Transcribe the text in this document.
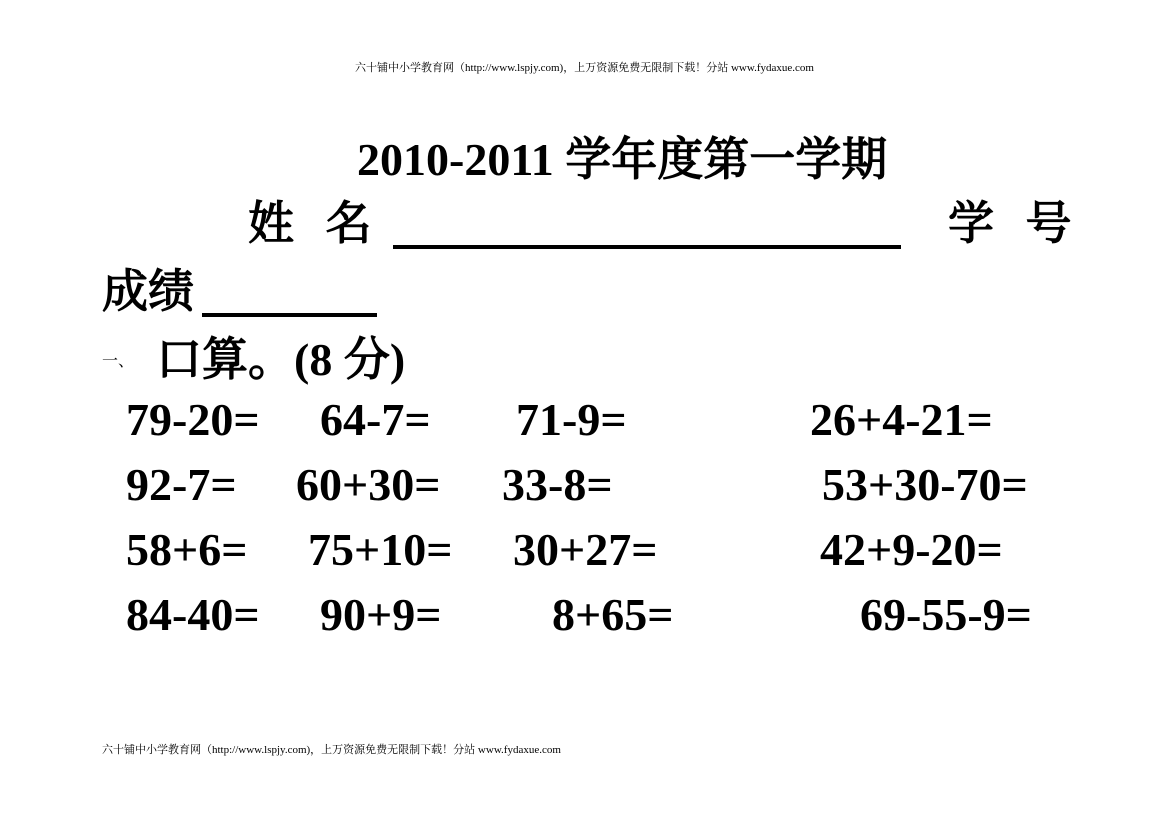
六十铺中小学教育网（http://www.lspjy.com)，上万资源免费无限制下载！分站 www.fydaxue.com
2010-2011 学年度第一学期
姓 名	学 号
成绩
一、 口算。(8 分)
79-20= 64-7= 71-9=	26+4-21=
92-7= 60+30= 33-8=	53+30-70=
58+6= 75+10= 30+27=	42+9-20=
84-40= 90+9= 8+65=	69-55-9=
六十铺中小学教育网（http://www.lspjy.com)，上万资源免费无限制下载！分站 www.fydaxue.com
